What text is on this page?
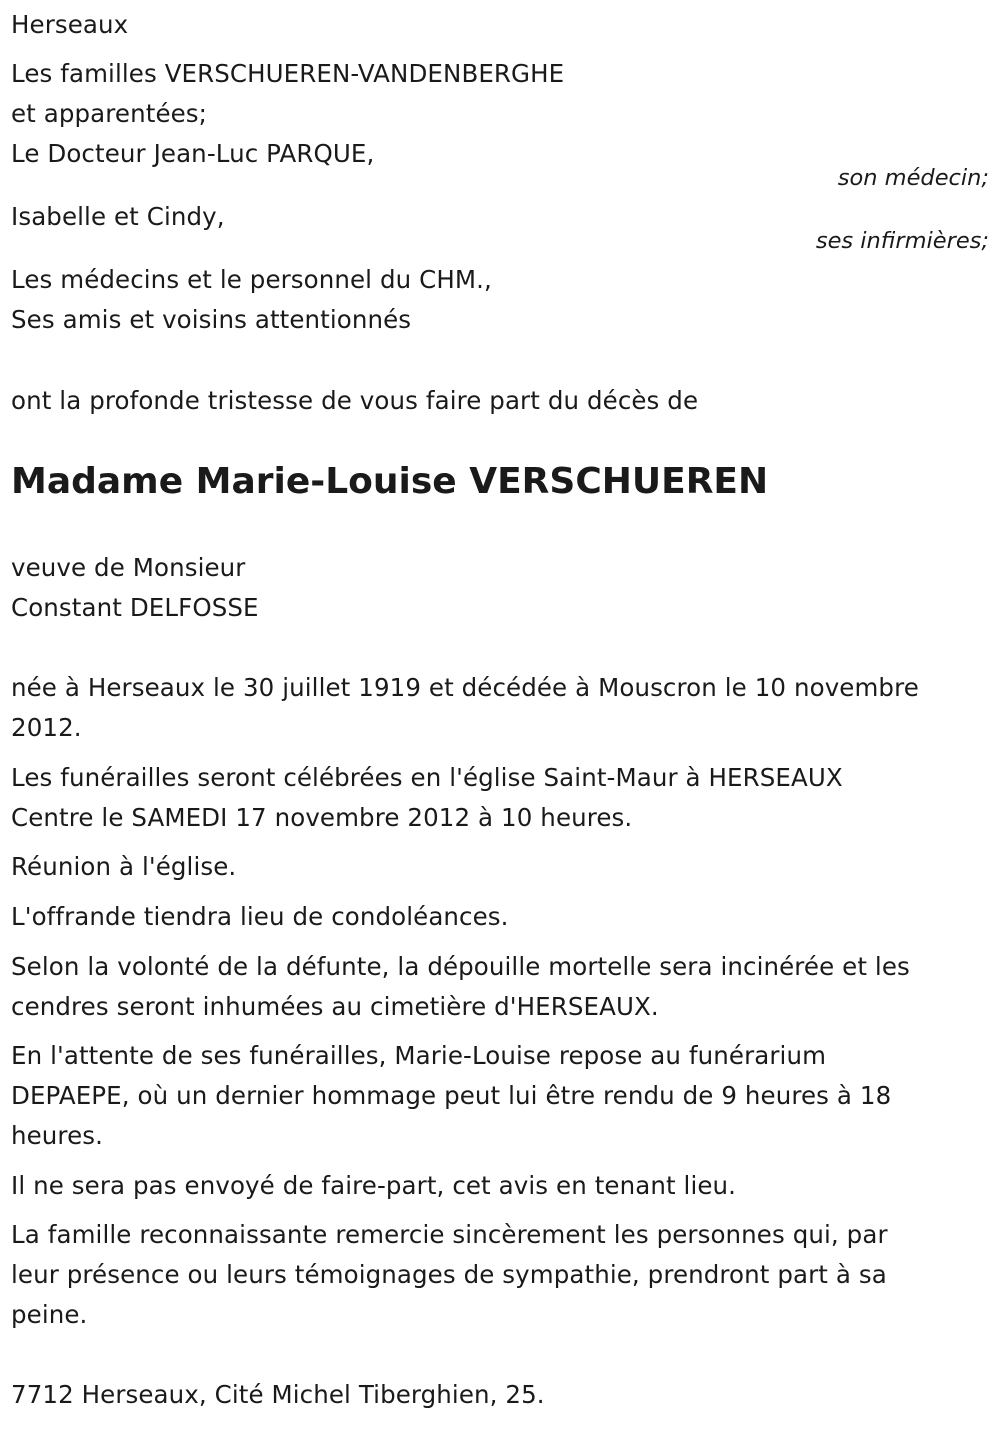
Herseaux
Les familles VERSCHUEREN-VANDENBERGHE
et apparentées;
Le Docteur Jean-Luc PARQUE,
son médecin;
Isabelle et Cindy,
ses infirmières;
Les médecins et le personnel du CHM.,
Ses amis et voisins attentionnés
ont la profonde tristesse de vous faire part du décès de
Madame Marie-Louise VERSCHUEREN
veuve de Monsieur
Constant DELFOSSE
née à Herseaux le 30 juillet 1919 et décédée à Mouscron le 10 novembre
2012.
Les funérailles seront célébrées en l'église Saint-Maur à HERSEAUX
Centre le SAMEDI 17 novembre 2012 à 10 heures.
Réunion à l'église.
L'offrande tiendra lieu de condoléances.
Selon la volonté de la défunte, la dépouille mortelle sera incinérée et les
cendres seront inhumées au cimetière d'HERSEAUX.
En l'attente de ses funérailles, Marie-Louise repose au funérarium
DEPAEPE, où un dernier hommage peut lui être rendu de 9 heures à 18
heures.
Il ne sera pas envoyé de faire-part, cet avis en tenant lieu.
La famille reconnaissante remercie sincèrement les personnes qui, par
leur présence ou leurs témoignages de sympathie, prendront part à sa
peine.
7712 Herseaux, Cité Michel Tiberghien, 25.
